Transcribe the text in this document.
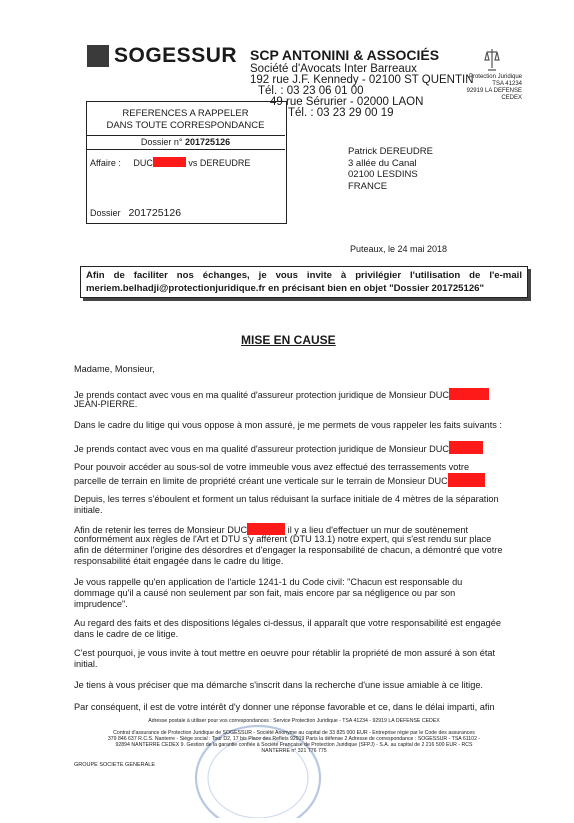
SOGESSUR SCP ANTONINI & ASSOCIÉS
Société d'Avocats Inter Barreaux
192 rue J.F. Kennedy - 02100 ST QUENTIN
Tél. : 03 23 06 01 00
49 rue Sérurier - 02000 LAON
Tél. : 03 23 29 00 19
Protection Juridique
TSA 41234
92919 LA DEFENSE CEDEX
REFERENCES A RAPPELER
DANS TOUTE CORRESPONDANCE
Dossier n° 201725126
Affaire : DUC	vs DEREUDRE
Dossier 201725126
Patrick DEREUDRE
3 allée du Canal
02100 LESDINS
FRANCE
Puteaux, le 24 mai 2018
Afin de faciliter nos échanges, je vous invite à privilégier l'utilisation de l'e-mail meriem.belhadji@protectionjuridique.fr en précisant bien en objet "Dossier 201725126"
MISE EN CAUSE
Madame, Monsieur,
Je prends contact avec vous en ma qualité d'assureur protection juridique de Monsieur DUC
JEAN-PIERRE.
Dans le cadre du litige qui vous oppose à mon assuré, je me permets de vous rappeler les faits suivants :
Je prends contact avec vous en ma qualité d'assureur protection juridique de Monsieur DUC
Pour pouvoir accéder au sous-sol de votre immeuble vous avez effectué des terrassements votre
parcelle de terrain en limite de propriété créant une verticale sur le terrain de Monsieur DUC
Depuis, les terres s'éboulent et forment un talus réduisant la surface initiale de 4 mètres de la séparation
initiale.
Afin de retenir les terres de Monsieur DUC	il y a lieu d'effectuer un mur de soutènement
conformément aux règles de l'Art et DTU s'y afférent (DTU 13.1) notre expert, qui s'est rendu sur place
afin de déterminer l'origine des désordres et d'engager la responsabilité de chacun, a démontré que votre
responsabilité était engagée dans le cadre du litige.
Je vous rappelle qu'en application de l'article 1241-1 du Code civil: "Chacun est responsable du
dommage qu'il a causé non seulement par son fait, mais encore par sa négligence ou par son
imprudence".
Au regard des faits et des dispositions légales ci-dessus, il apparaît que votre responsabilité est engagée
dans le cadre de ce litige.
C'est pourquoi, je vous invite à tout mettre en oeuvre pour rétablir la propriété de mon assuré à son état
initial.
Je tiens à vous préciser que ma démarche s'inscrit dans la recherche d'une issue amiable à ce litige.
Par conséquent, il est de votre intérêt d'y donner une réponse favorable et ce, dans le délai imparti, afin
Adresse postale à utiliser pour vos correspondances : Service Protection Juridique - TSA 41234 - 92919 LA DEFENSE CEDEX
Contrat d'assurance de Protection Juridique de SOGESSUR - Société Anonyme au capital de 33 825 000 EUR - Entreprise régie par le Code des assurances
379 846 637 R.C.S. Nanterre - Siège social : Tour D2, 17 bis Place des Reflets 92919 Paris la défense 2 Adresse de correspondance : SOGESSUR - TSA 61102 -
92894 NANTERRE CEDEX 9. Gestion de la garantie confiée à Société Française de Protection Juridique (SFPJ) - S.A. au capital de 2 216 500 EUR - RCS
NANTERRE n° 321 776 775
GROUPE SOCIETE GENERALE
